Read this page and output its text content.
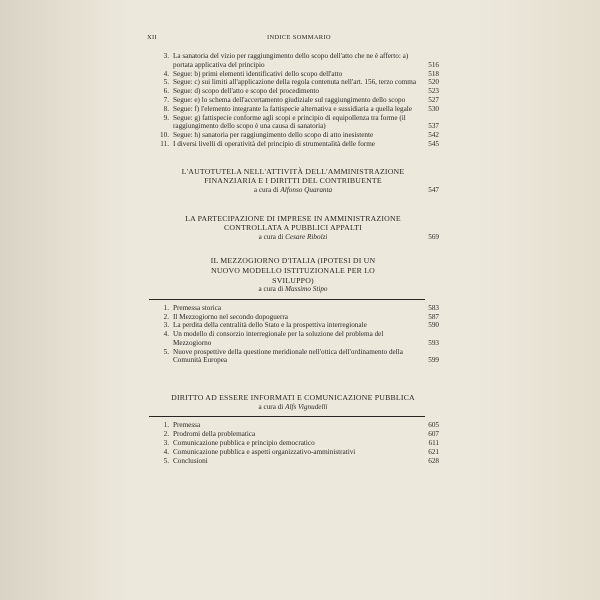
XII	INDICE SOMMARIO
3. La sanatoria del vizio per raggiungimento dello scopo dell'atto che ne è afferto: a) portata applicativa del principio	516
4. Segue: b) primi elementi identificativi dello scopo dell'atto	518
5. Segue: c) sui limiti all'applicazione della regola contenuta nell'art. 156, terzo comma	520
6. Segue: d) scopo dell'atto e scopo del procedimento	523
7. Segue: e) lo schema dell'accertamento giudiziale sul raggiungimento dello scopo	527
8. Segue: f) l'elemento integrante la fattispecie alternativa e sussidiaria a quella legale	530
9. Segue: g) fattispecie conforme agli scopi e principio di equipollenza tra forme (il raggiungimento dello scopo è una causa di sanatoria)	537
10. Segue: h) sanatoria per raggiungimento dello scopo di atto inesistente	542
11. I diversi livelli di operatività del principio di strumentalità delle forme	545
L'AUTOTUTELA NELL'ATTIVITÀ DELL'AMMINISTRAZIONE FINANZIARIA E I DIRITTI DEL CONTRIBUENTE
a cura di Alfonso Quaranta	547
LA PARTECIPAZIONE DI IMPRESE IN AMMINISTRAZIONE CONTROLLATA A PUBBLICI APPALTI
a cura di Cesare Ribolzi	569
IL MEZZOGIORNO D'ITALIA (IPOTESI DI UN NUOVO MODELLO ISTITUZIONALE PER LO SVILUPPO)
a cura di Massimo Stipo
1. Premessa storica	583
2. Il Mezzogiorno nel secondo dopoguerra	587
3. La perdita della centralità dello Stato e la prospettiva interregionale	590
4. Un modello di consorzio interregionale per la soluzione del problema del Mezzogiorno	593
5. Nuove prospettive della questione meridionale nell'ottica dell'ordinamento della Comunità Europea	599
DIRITTO AD ESSERE INFORMATI E COMUNICAZIONE PUBBLICA
a cura di Alfs Vignudelli
1. Premessa	605
2. Prodromi della problematica	607
3. Comunicazione pubblica e principio democratico	611
4. Comunicazione pubblica e aspetti organizzativo-amministrativi	621
5. Conclusioni	628
